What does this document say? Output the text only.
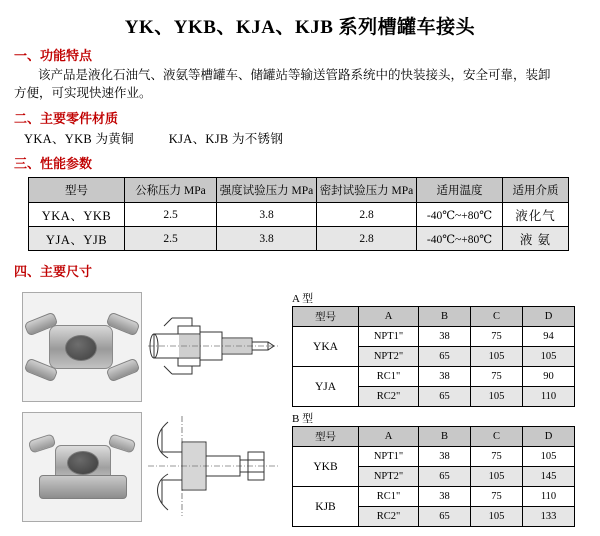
YK、YKB、KJA、KJB 系列槽罐车接头
一、功能特点
该产品是液化石油气、液氨等槽罐车、储罐站等输送管路系统中的快装接头，安全可靠，装卸
方便，可实现快速作业。
二、主要零件材质
YKA、YKB 为黄铜	KJA、KJB 为不锈钢
三、性能参数
型号	公称压力 MPa	强度试验压力 MPa	密封试验压力 MPa	适用温度	适用介质
YKA、YKB	2.5	3.8	2.8	-40℃~+80℃	液化气
YJA、YJB	2.5	3.8	2.8	-40℃~+80℃	液 氨
四、主要尺寸
A 型
B 型
型号	A	B	C	D
YKA	NPT1"	38	75	94
	NPT2"	65	105	105
YJA	RC1"	38	75	90
	RC2"	65	105	110
型号	A	B	C	D
YKB	NPT1"	38	75	105
	NPT2"	65	105	145
KJB	RC1"	38	75	110
	RC2"	65	105	133
